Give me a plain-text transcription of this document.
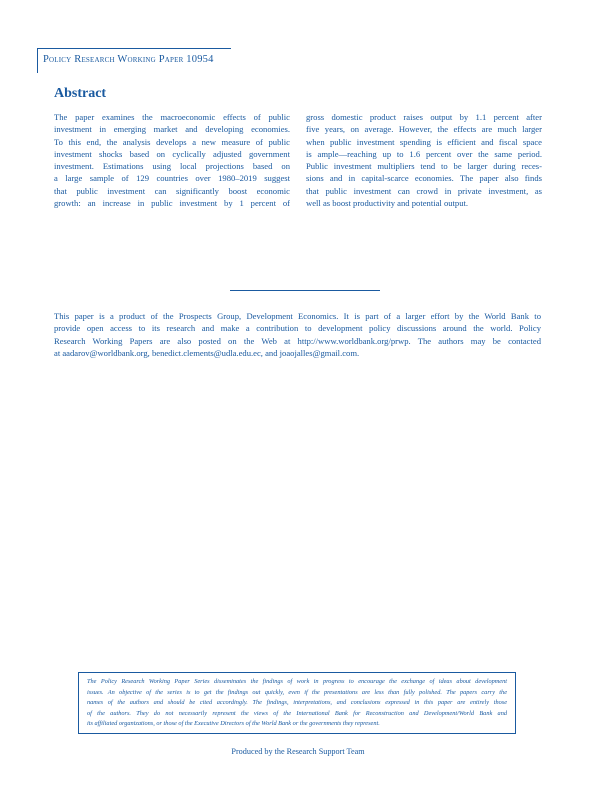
Policy Research Working Paper 10954
Abstract
The paper examines the macroeconomic effects of public
investment in emerging market and developing economies.
To this end, the analysis develops a new measure of public
investment shocks based on cyclically adjusted government
investment. Estimations using local projections based on
a large sample of 129 countries over 1980–2019 suggest
that public investment can significantly boost economic
growth: an increase in public investment by 1 percent of
gross domestic product raises output by 1.1 percent after
five years, on average. However, the effects are much larger
when public investment spending is efficient and fiscal space
is ample—reaching up to 1.6 percent over the same period.
Public investment multipliers tend to be larger during reces-
sions and in capital-scarce economies. The paper also finds
that public investment can crowd in private investment, as
well as boost productivity and potential output.
This paper is a product of the Prospects Group, Development Economics. It is part of a larger effort by the World Bank to
provide open access to its research and make a contribution to development policy discussions around the world. Policy
Research Working Papers are also posted on the Web at http://www.worldbank.org/prwp. The authors may be contacted
at aadarov@worldbank.org, benedict.clements@udla.edu.ec, and joaojalles@gmail.com.
The Policy Research Working Paper Series disseminates the findings of work in progress to encourage the exchange of ideas about development
issues. An objective of the series is to get the findings out quickly, even if the presentations are less than fully polished. The papers carry the
names of the authors and should be cited accordingly. The findings, interpretations, and conclusions expressed in this paper are entirely those
of the authors. They do not necessarily represent the views of the International Bank for Reconstruction and Development/World Bank and
its affiliated organizations, or those of the Executive Directors of the World Bank or the governments they represent.
Produced by the Research Support Team
